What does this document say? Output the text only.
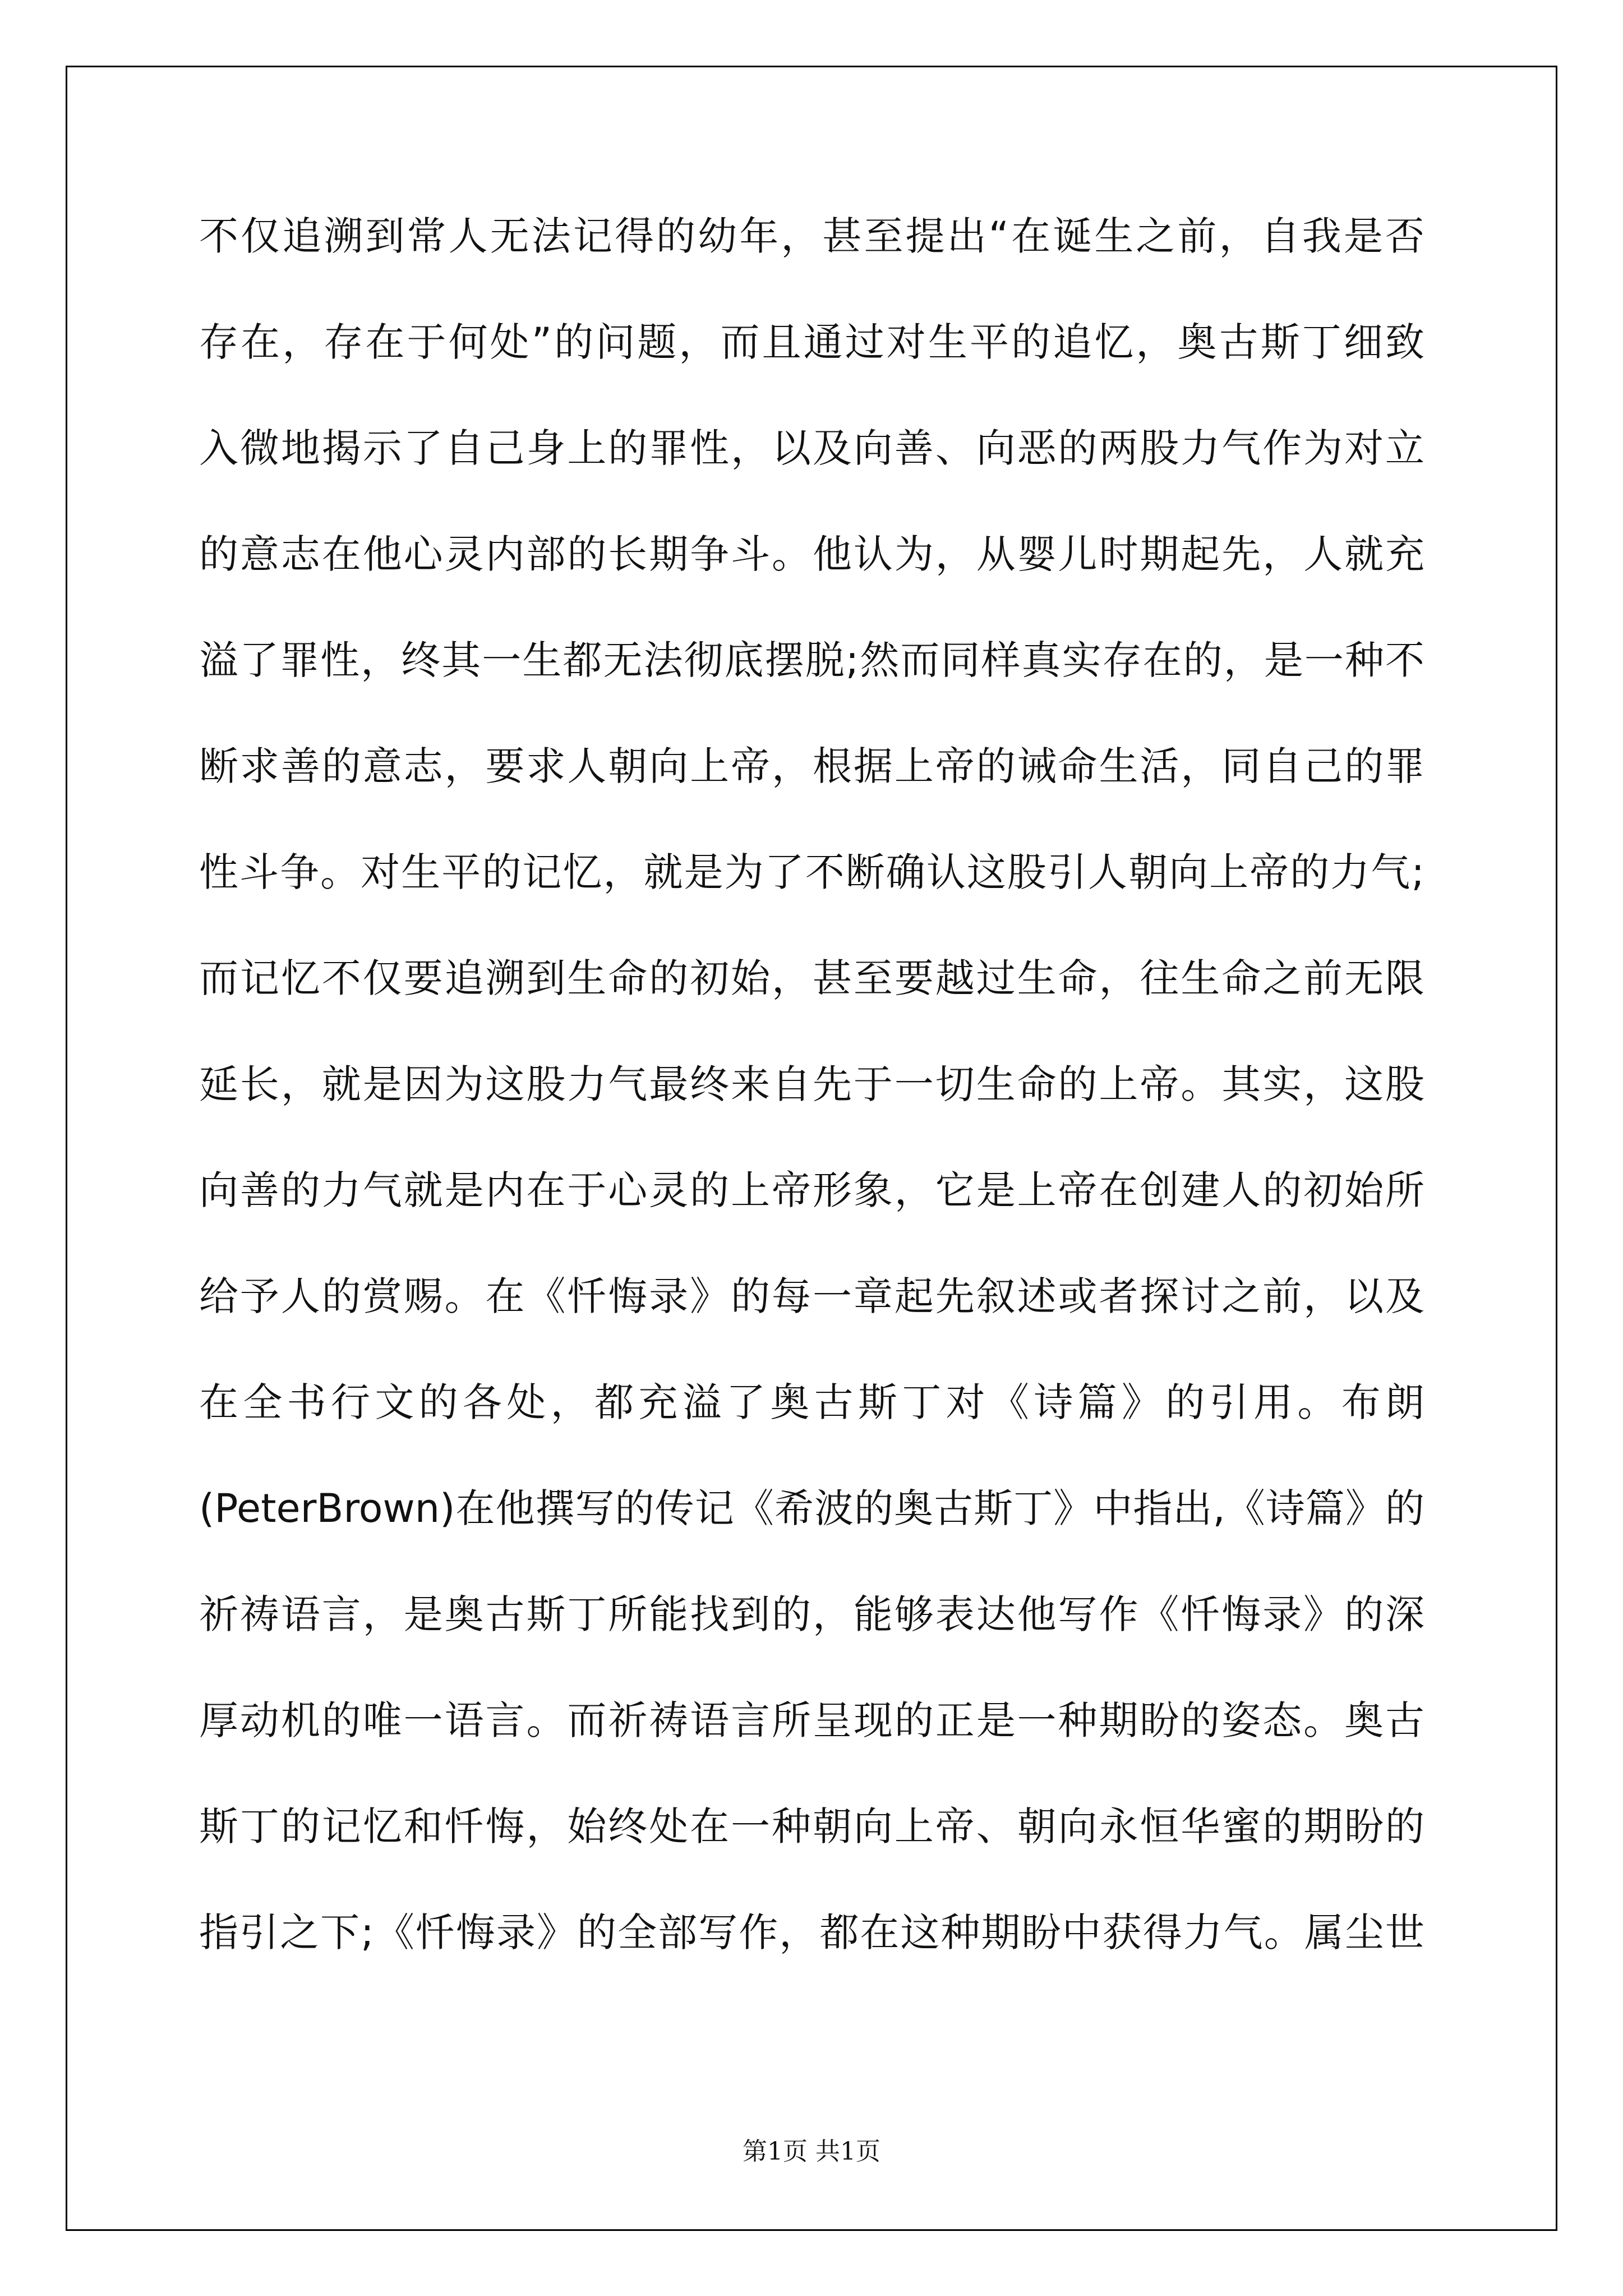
不仅追溯到常人无法记得的幼年，甚至提出“在诞生之前，自我是否
存在，存在于何处”的问题，而且通过对生平的追忆，奥古斯丁细致
入微地揭示了自己身上的罪性，以及向善、向恶的两股力气作为对立
的意志在他心灵内部的长期争斗。他认为，从婴儿时期起先，人就充
溢了罪性，终其一生都无法彻底摆脱;然而同样真实存在的，是一种不
断求善的意志，要求人朝向上帝，根据上帝的诫命生活，同自己的罪
性斗争。对生平的记忆，就是为了不断确认这股引人朝向上帝的力气;
而记忆不仅要追溯到生命的初始，甚至要越过生命，往生命之前无限
延长，就是因为这股力气最终来自先于一切生命的上帝。其实，这股
向善的力气就是内在于心灵的上帝形象，它是上帝在创建人的初始所
给予人的赏赐。在《忏悔录》的每一章起先叙述或者探讨之前，以及
在全书行文的各处，都充溢了奥古斯丁对《诗篇》的引用。布朗
(PeterBrown)在他撰写的传记《希波的奥古斯丁》中指出,《诗篇》的
祈祷语言，是奥古斯丁所能找到的，能够表达他写作《忏悔录》的深
厚动机的唯一语言。而祈祷语言所呈现的正是一种期盼的姿态。奥古
斯丁的记忆和忏悔，始终处在一种朝向上帝、朝向永恒华蜜的期盼的
指引之下;《忏悔录》的全部写作，都在这种期盼中获得力气。属尘世
第1页 共1页
